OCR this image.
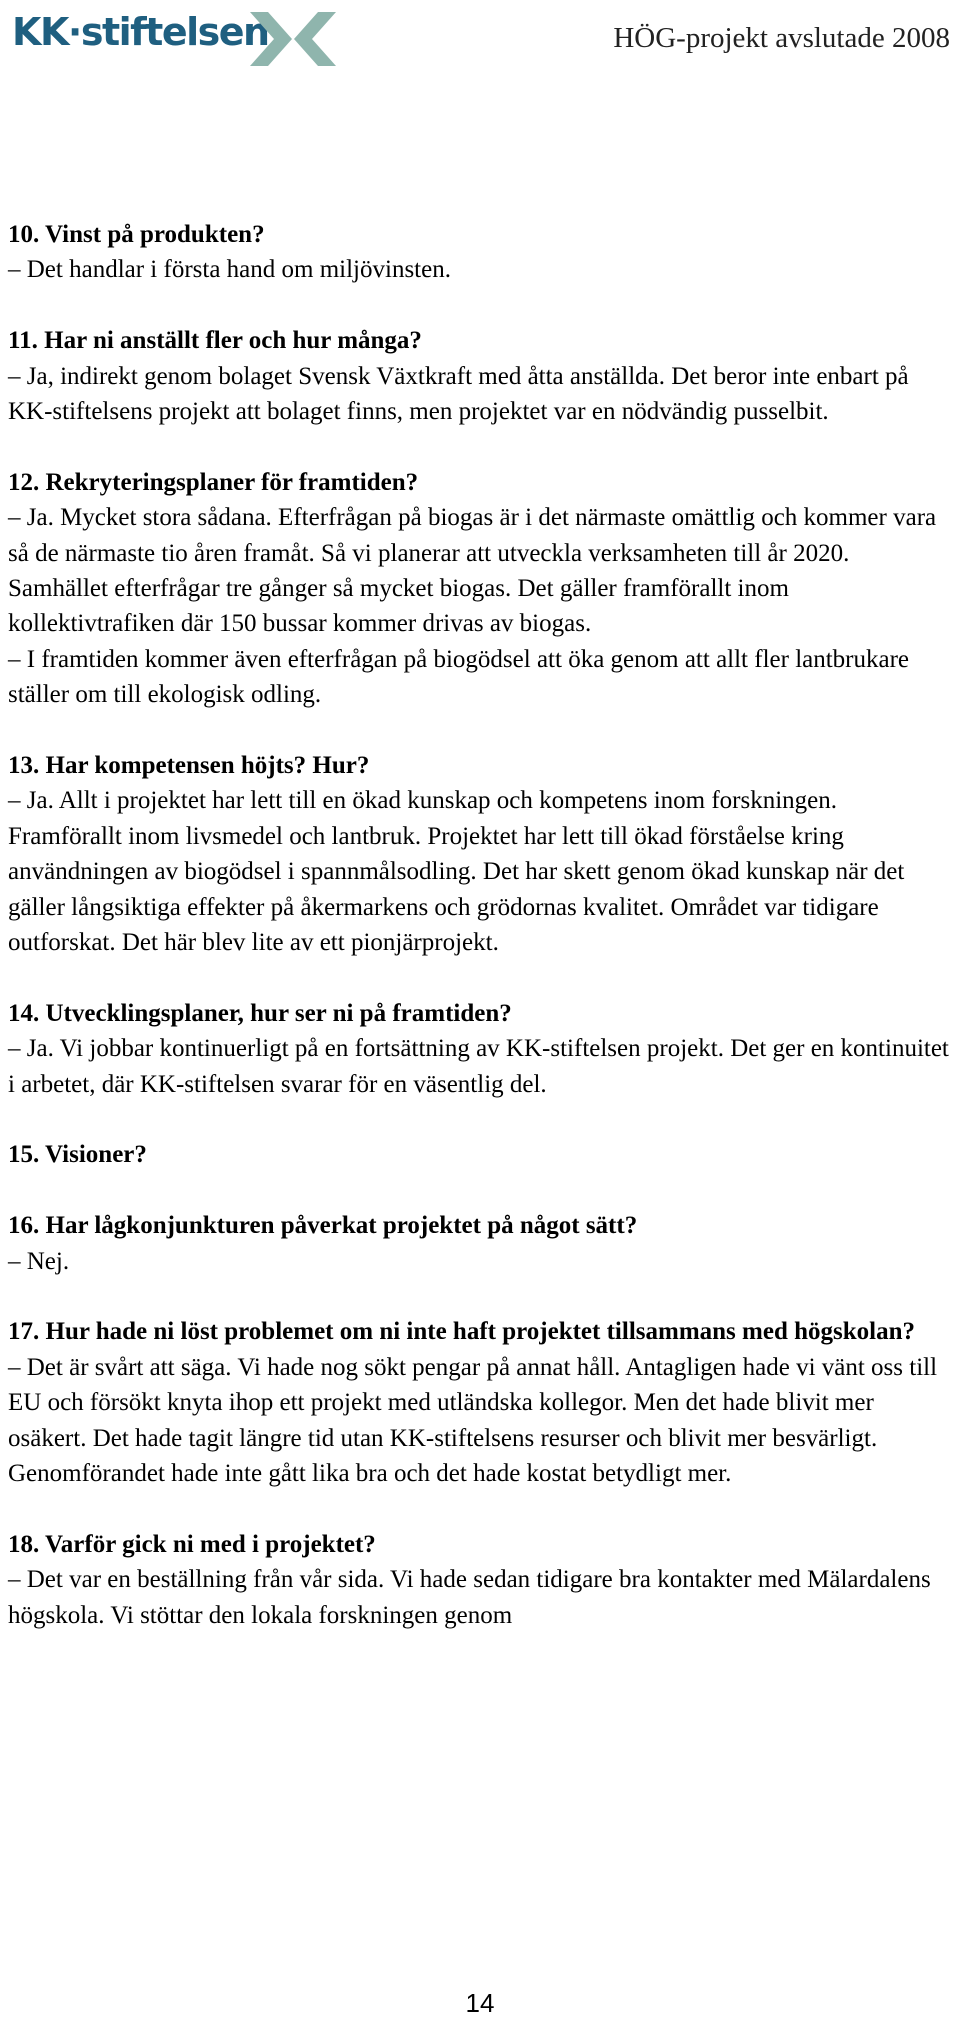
KK·stiftelsen	HÖG-projekt avslutade 2008

10. Vinst på produkten?

– Det handlar i första hand om miljövinsten.

11. Har ni anställt fler och hur många?

– Ja, indirekt genom bolaget Svensk Växtkraft med åtta anställda. Det beror inte enbart på KK-stiftelsens projekt att bolaget finns, men projektet var en nödvändig pusselbit.

12. Rekryteringsplaner för framtiden?

– Ja. Mycket stora sådana. Efterfrågan på biogas är i det närmaste omättlig och kommer vara så de närmaste tio åren framåt. Så vi planerar att utveckla verksamheten till år 2020. Samhället efterfrågar tre gånger så mycket biogas. Det gäller framförallt inom kollektivtrafiken där 150 bussar kommer drivas av biogas.

– I framtiden kommer även efterfrågan på biogödsel att öka genom att allt fler lantbrukare ställer om till ekologisk odling.

13. Har kompetensen höjts? Hur?

– Ja. Allt i projektet har lett till en ökad kunskap och kompetens inom forskningen. Framförallt inom livsmedel och lantbruk. Projektet har lett till ökad förståelse kring användningen av biogödsel i spannmålsodling. Det har skett genom ökad kunskap när det gäller långsiktiga effekter på åkermarkens och grödornas kvalitet. Området var tidigare outforskat. Det här blev lite av ett pionjärprojekt.

14. Utvecklingsplaner, hur ser ni på framtiden?

– Ja. Vi jobbar kontinuerligt på en fortsättning av KK-stiftelsen projekt. Det ger en kontinuitet i arbetet, där KK-stiftelsen svarar för en väsentlig del.

15. Visioner?

16. Har lågkonjunkturen påverkat projektet på något sätt?

– Nej.

17. Hur hade ni löst problemet om ni inte haft projektet tillsammans med högskolan?

– Det är svårt att säga. Vi hade nog sökt pengar på annat håll. Antagligen hade vi vänt oss till EU och försökt knyta ihop ett projekt med utländska kollegor. Men det hade blivit mer osäkert. Det hade tagit längre tid utan KK-stiftelsens resurser och blivit mer besvärligt. Genomförandet hade inte gått lika bra och det hade kostat betydligt mer.

18. Varför gick ni med i projektet?

– Det var en beställning från vår sida. Vi hade sedan tidigare bra kontakter med Mälardalens högskola. Vi stöttar den lokala forskningen genom

14
